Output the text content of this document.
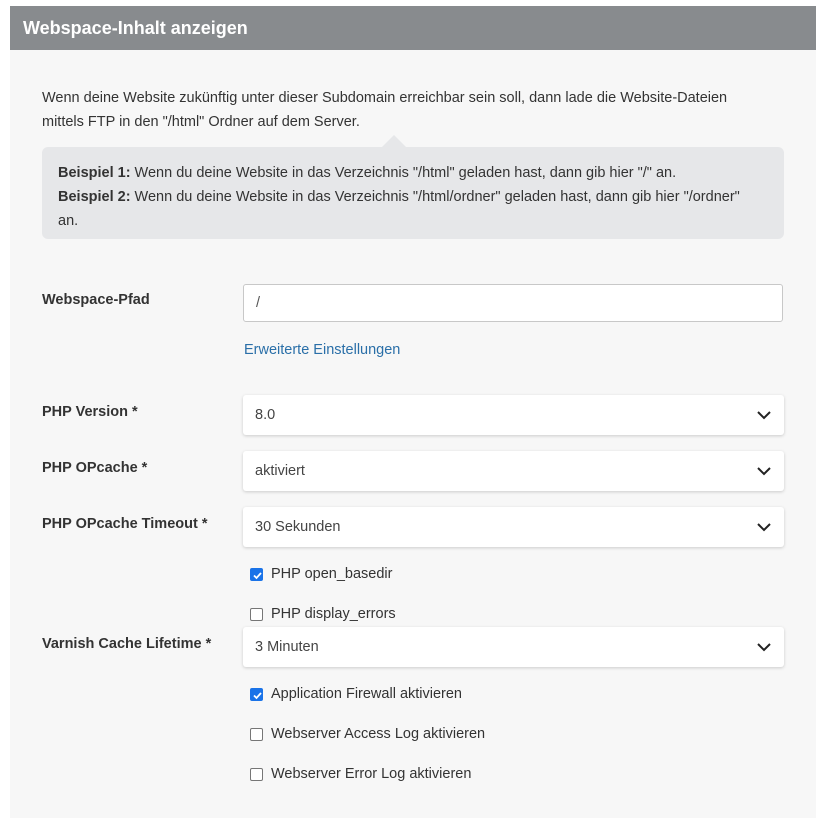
Webspace-Inhalt anzeigen
Wenn deine Website zukünftig unter dieser Subdomain erreichbar sein soll, dann lade die Website-Dateien
mittels FTP in den "/html" Ordner auf dem Server.
Beispiel 1: Wenn du deine Website in das Verzeichnis "/html" geladen hast, dann gib hier "/" an.
Beispiel 2: Wenn du deine Website in das Verzeichnis "/html/ordner" geladen hast, dann gib hier "/ordner"
an.
Webspace-Pfad
/
Erweiterte Einstellungen
PHP Version *	8.0
PHP OPcache *	aktiviert
PHP OPcache Timeout *	30 Sekunden
PHP open_basedir
PHP display_errors
Varnish Cache Lifetime *	3 Minuten
Application Firewall aktivieren
Webserver Access Log aktivieren
Webserver Error Log aktivieren
